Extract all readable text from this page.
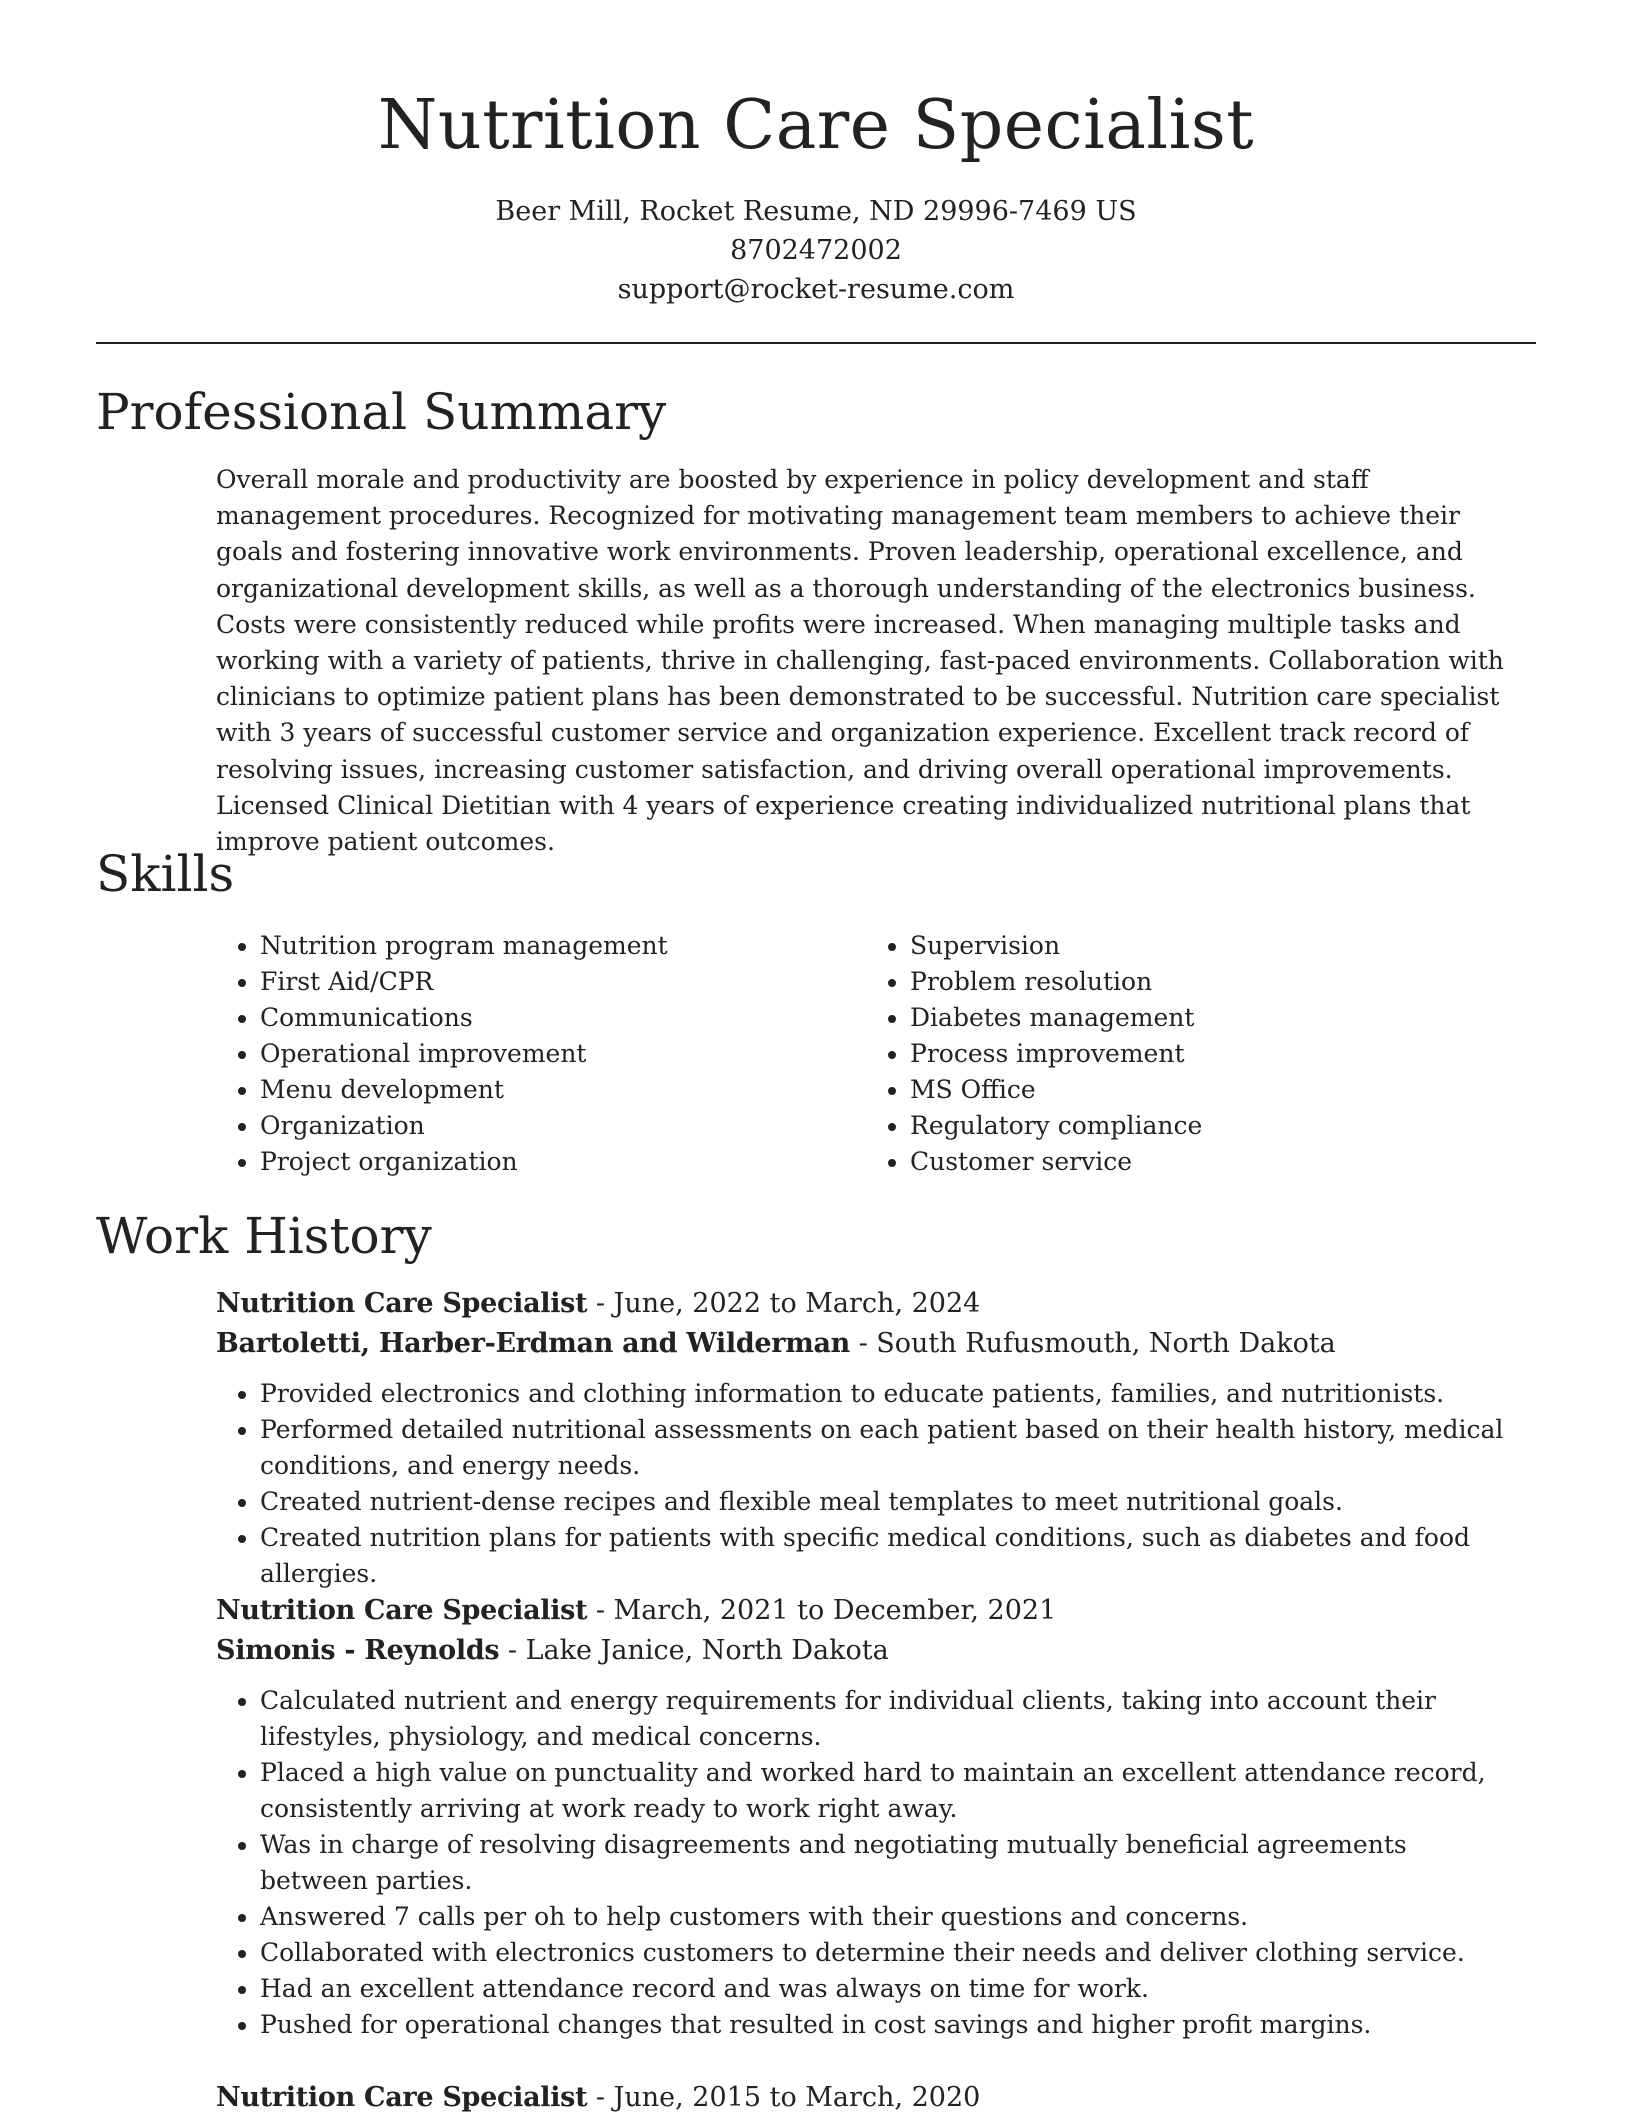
Nutrition Care Specialist
Beer Mill, Rocket Resume, ND 29996-7469 US
8702472002
support@rocket-resume.com
Professional Summary

Overall morale and productivity are boosted by experience in policy development and staff management procedures. Recognized for motivating management team members to achieve their goals and fostering innovative work environments. Proven leadership, operational excellence, and organizational development skills, as well as a thorough understanding of the electronics business. Costs were consistently reduced while profits were increased. When managing multiple tasks and working with a variety of patients, thrive in challenging, fast-paced environments. Collaboration with clinicians to optimize patient plans has been demonstrated to be successful. Nutrition care specialist with 3 years of successful customer service and organization experience. Excellent track record of resolving issues, increasing customer satisfaction, and driving overall operational improvements. Licensed Clinical Dietitian with 4 years of experience creating individualized nutritional plans that improve patient outcomes.

Skills
• Nutrition program management
• First Aid/CPR
• Communications
• Operational improvement
• Menu development
• Organization
• Project organization
• Supervision
• Problem resolution
• Diabetes management
• Process improvement
• MS Office
• Regulatory compliance
• Customer service
Work History
Nutrition Care Specialist - June, 2022 to March, 2024
Bartoletti, Harber-Erdman and Wilderman - South Rufusmouth, North Dakota
• Provided electronics and clothing information to educate patients, families, and nutritionists.
• Performed detailed nutritional assessments on each patient based on their health history, medical conditions, and energy needs.
• Created nutrient-dense recipes and flexible meal templates to meet nutritional goals.
• Created nutrition plans for patients with specific medical conditions, such as diabetes and food allergies.
Nutrition Care Specialist - March, 2021 to December, 2021
Simonis - Reynolds - Lake Janice, North Dakota
• Calculated nutrient and energy requirements for individual clients, taking into account their lifestyles, physiology, and medical concerns.
• Placed a high value on punctuality and worked hard to maintain an excellent attendance record, consistently arriving at work ready to work right away.
• Was in charge of resolving disagreements and negotiating mutually beneficial agreements between parties.
• Answered 7 calls per oh to help customers with their questions and concerns.
• Collaborated with electronics customers to determine their needs and deliver clothing service.
• Had an excellent attendance record and was always on time for work.
• Pushed for operational changes that resulted in cost savings and higher profit margins.
Nutrition Care Specialist - June, 2015 to March, 2020
